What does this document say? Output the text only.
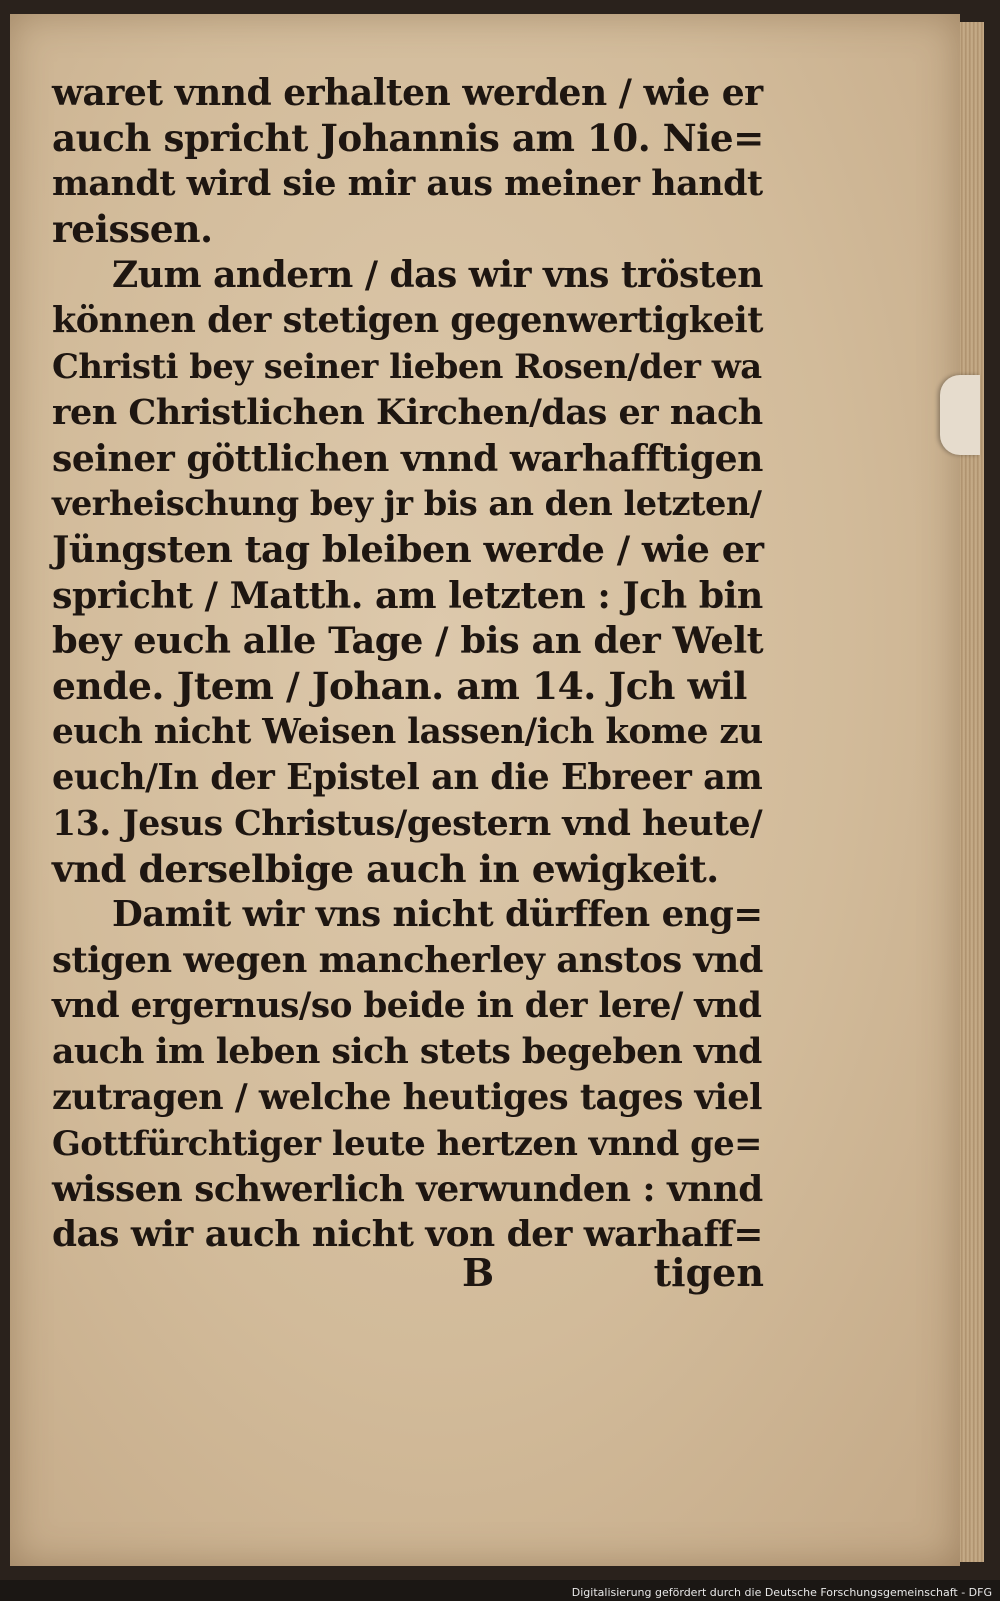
waret vnnd erhalten werden / wie er
auch spricht Johannis am 10. Nie=
mandt wird sie mir aus meiner handt
reissen.
Zum andern / das wir vns trösten
können der stetigen gegenwertigkeit
Christi bey seiner lieben Rosen/der wa
ren Christlichen Kirchen/das er nach
seiner göttlichen vnnd warhafftigen
verheischung bey jr bis an den letzten/
Jüngsten tag bleiben werde / wie er
spricht / Matth. am letzten : Jch bin
bey euch alle Tage / bis an der Welt
ende. Jtem / Johan. am 14. Jch wil
euch nicht Weisen lassen/ich kome zu
euch/In der Epistel an die Ebreer am
13. Jesus Christus/gestern vnd heute/
vnd derselbige auch in ewigkeit.
Damit wir vns nicht dürffen eng=
stigen wegen mancherley anstos vnd
vnd ergernus/so beide in der lere/ vnd
auch im leben sich stets begeben vnd
zutragen / welche heutiges tages viel
Gottfürchtiger leute hertzen vnnd ge=
wissen schwerlich verwunden : vnnd
das wir auch nicht von der warhaff=
B	tigen
Digitalisierung gefördert durch die Deutsche Forschungsgemeinschaft - DFG
